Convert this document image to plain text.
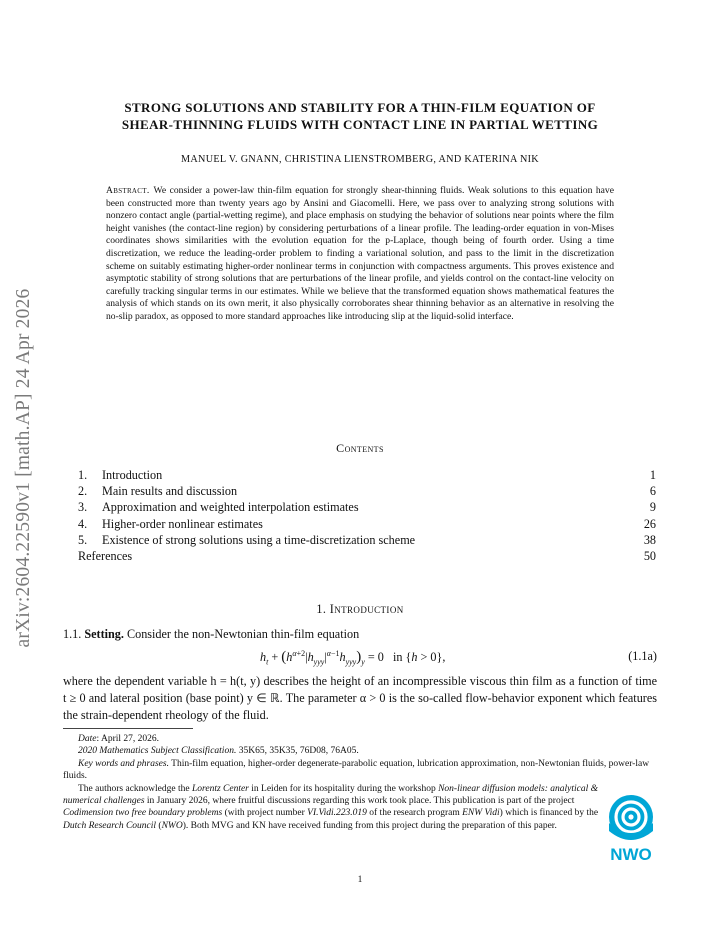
arXiv:2604.22590v1 [math.AP] 24 Apr 2026
STRONG SOLUTIONS AND STABILITY FOR A THIN-FILM EQUATION OF
SHEAR-THINNING FLUIDS WITH CONTACT LINE IN PARTIAL WETTING
MANUEL V. GNANN, CHRISTINA LIENSTROMBERG, AND KATERINA NIK
Abstract. We consider a power-law thin-film equation for strongly shear-thinning fluids. Weak solutions to this equation have been constructed more than twenty years ago by Ansini and Giacomelli. Here, we pass over to analyzing strong solutions with nonzero contact angle (partial-wetting regime), and place emphasis on studying the behavior of solutions near points where the film height vanishes (the contact-line region) by considering perturbations of a linear profile. The leading-order equation in von-Mises coordinates shows similarities with the evolution equation for the p-Laplace, though being of fourth order. Using a time discretization, we reduce the leading-order problem to finding a variational solution, and pass to the limit in the discretization scheme on suitably estimating higher-order nonlinear terms in conjunction with compactness arguments. This proves existence and asymptotic stability of strong solutions that are perturbations of the linear profile, and yields control on the contact-line velocity on carefully tracking singular terms in our estimates. While we believe that the transformed equation shows mathematical features the analysis of which stands on its own merit, it also physically corroborates shear thinning behavior as an alternative in resolving the no-slip paradox, as opposed to more standard approaches like introducing slip at the liquid-solid interface.
Contents
1. Introduction	1
2. Main results and discussion	6
3. Approximation and weighted interpolation estimates	9
4. Higher-order nonlinear estimates	26
5. Existence of strong solutions using a time-discretization scheme	38
References	50
1. Introduction
1.1. Setting. Consider the non-Newtonian thin-film equation
$h_t + (h^{\alpha+2}|h_{yyy}|^{\alpha-1}h_{yyy})_y = 0$   in {h > 0},	(1.1a)
where the dependent variable h = h(t, y) describes the height of an incompressible viscous thin film as a function of time t ≥ 0 and lateral position (base point) y ∈ ℝ. The parameter α > 0 is the so-called flow-behavior exponent which features the strain-dependent rheology of the fluid.

Date: April 27, 2026.

2020 Mathematics Subject Classification. 35K65, 35K35, 76D08, 76A05.

Key words and phrases. Thin-film equation, higher-order degenerate-parabolic equation, lubrication approximation, non-Newtonian fluids, power-law fluids.

The authors acknowledge the Lorentz Center in Leiden for its hospitality during the workshop Non-linear diffusion models: analytical & numerical challenges in January 2026, where fruitful discussions regarding this work took place. This publication is part of the project Codimension two free boundary problems (with project number VI.Vidi.223.019 of the research program ENW Vidi) which is financed by the Dutch Research Council (NWO). Both MVG and KN have received funding from this project during the preparation of this paper.

NWO
1
